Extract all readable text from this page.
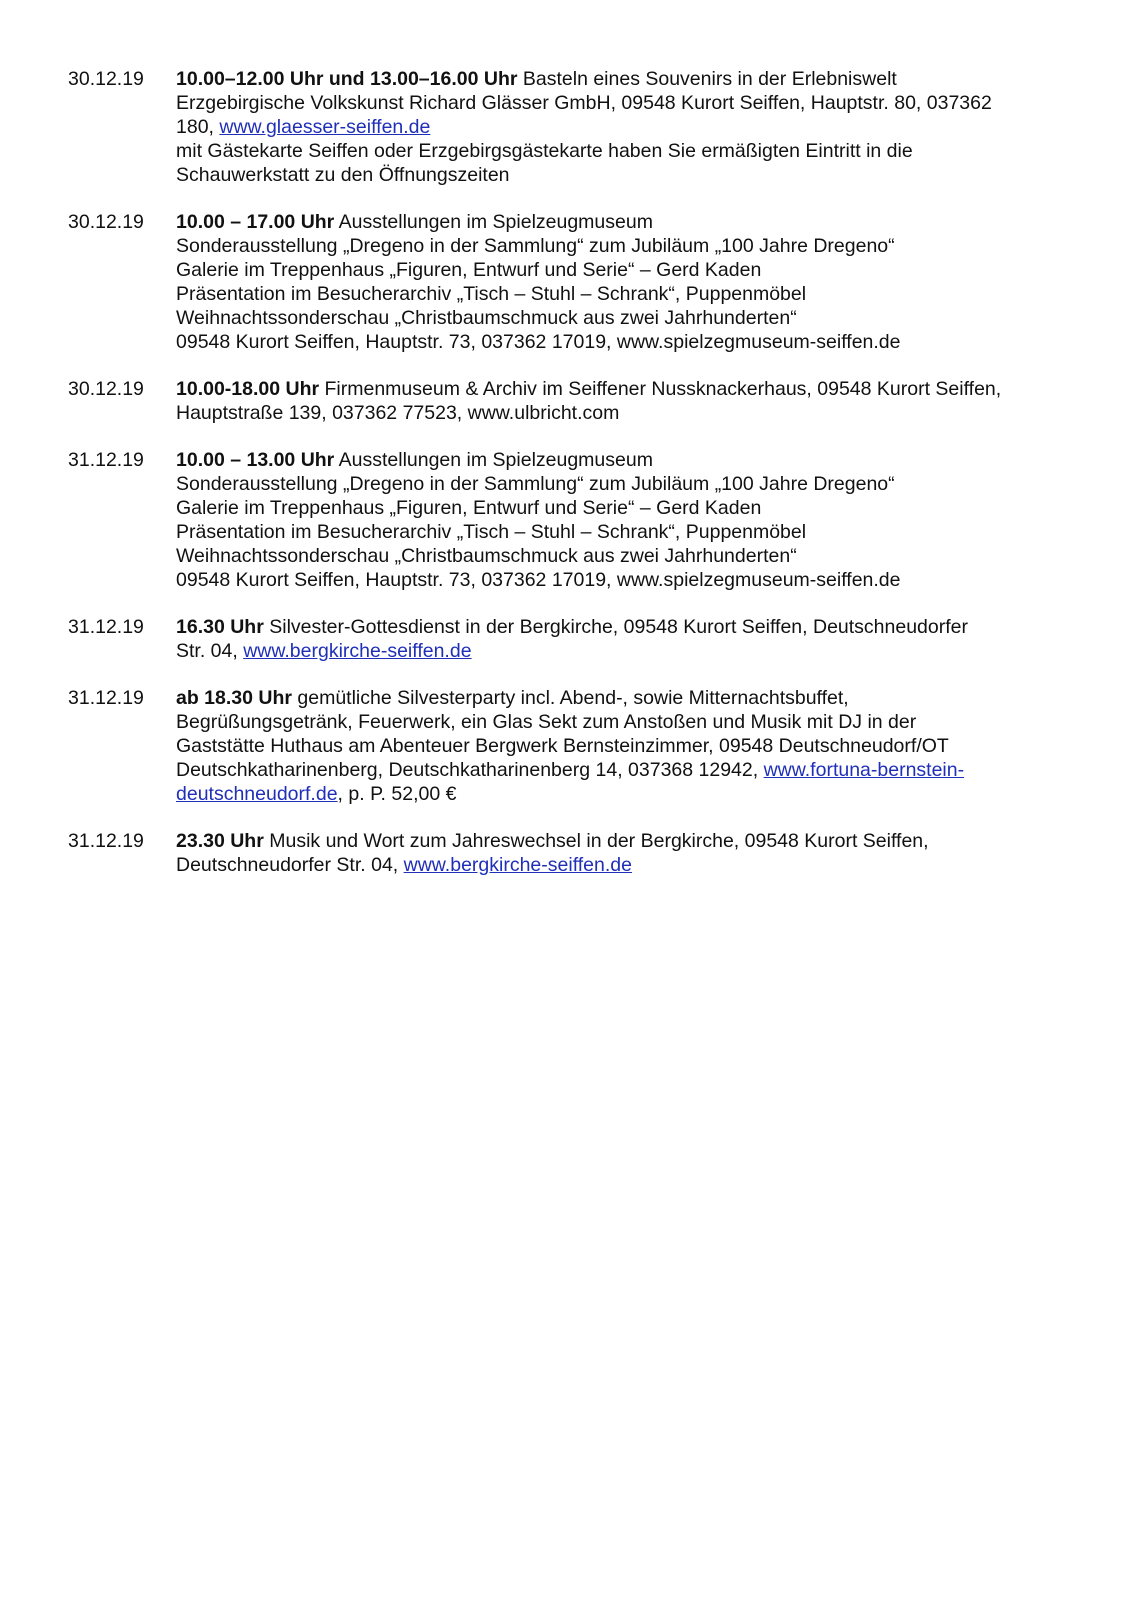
30.12.19	10.00–12.00 Uhr und 13.00–16.00 Uhr Basteln eines Souvenirs in der Erlebniswelt
Erzgebirgische Volkskunst Richard Glässer GmbH, 09548 Kurort Seiffen, Hauptstr. 80, 037362
180, www.glaesser-seiffen.de
mit Gästekarte Seiffen oder Erzgebirgsgästekarte haben Sie ermäßigten Eintritt in die
Schauwerkstatt zu den Öffnungszeiten
30.12.19	10.00 – 17.00 Uhr Ausstellungen im Spielzeugmuseum
Sonderausstellung „Dregeno in der Sammlung“ zum Jubiläum „100 Jahre Dregeno“
Galerie im Treppenhaus „Figuren, Entwurf und Serie“ – Gerd Kaden
Präsentation im Besucherarchiv „Tisch – Stuhl – Schrank“, Puppenmöbel
Weihnachtssonderschau „Christbaumschmuck aus zwei Jahrhunderten“
09548 Kurort Seiffen, Hauptstr. 73, 037362 17019, www.spielzegmuseum-seiffen.de
30.12.19	10.00-18.00 Uhr Firmenmuseum & Archiv im Seiffener Nussknackerhaus, 09548 Kurort Seiffen,
Hauptstraße 139, 037362 77523, www.ulbricht.com
31.12.19	10.00 – 13.00 Uhr Ausstellungen im Spielzeugmuseum
Sonderausstellung „Dregeno in der Sammlung“ zum Jubiläum „100 Jahre Dregeno“
Galerie im Treppenhaus „Figuren, Entwurf und Serie“ – Gerd Kaden
Präsentation im Besucherarchiv „Tisch – Stuhl – Schrank“, Puppenmöbel
Weihnachtssonderschau „Christbaumschmuck aus zwei Jahrhunderten“
09548 Kurort Seiffen, Hauptstr. 73, 037362 17019, www.spielzegmuseum-seiffen.de
31.12.19	16.30 Uhr Silvester-Gottesdienst in der Bergkirche, 09548 Kurort Seiffen, Deutschneudorfer
Str. 04, www.bergkirche-seiffen.de
31.12.19	ab 18.30 Uhr gemütliche Silvesterparty incl. Abend-, sowie Mitternachtsbuffet,
Begrüßungsgetränk, Feuerwerk, ein Glas Sekt zum Anstoßen und Musik mit DJ in der
Gaststätte Huthaus am Abenteuer Bergwerk Bernsteinzimmer, 09548 Deutschneudorf/OT
Deutschkatharinenberg, Deutschkatharinenberg 14, 037368 12942, www.fortuna-bernstein-
deutschneudorf.de, p. P. 52,00 €
31.12.19	23.30 Uhr Musik und Wort zum Jahreswechsel in der Bergkirche, 09548 Kurort Seiffen,
Deutschneudorfer Str. 04, www.bergkirche-seiffen.de
